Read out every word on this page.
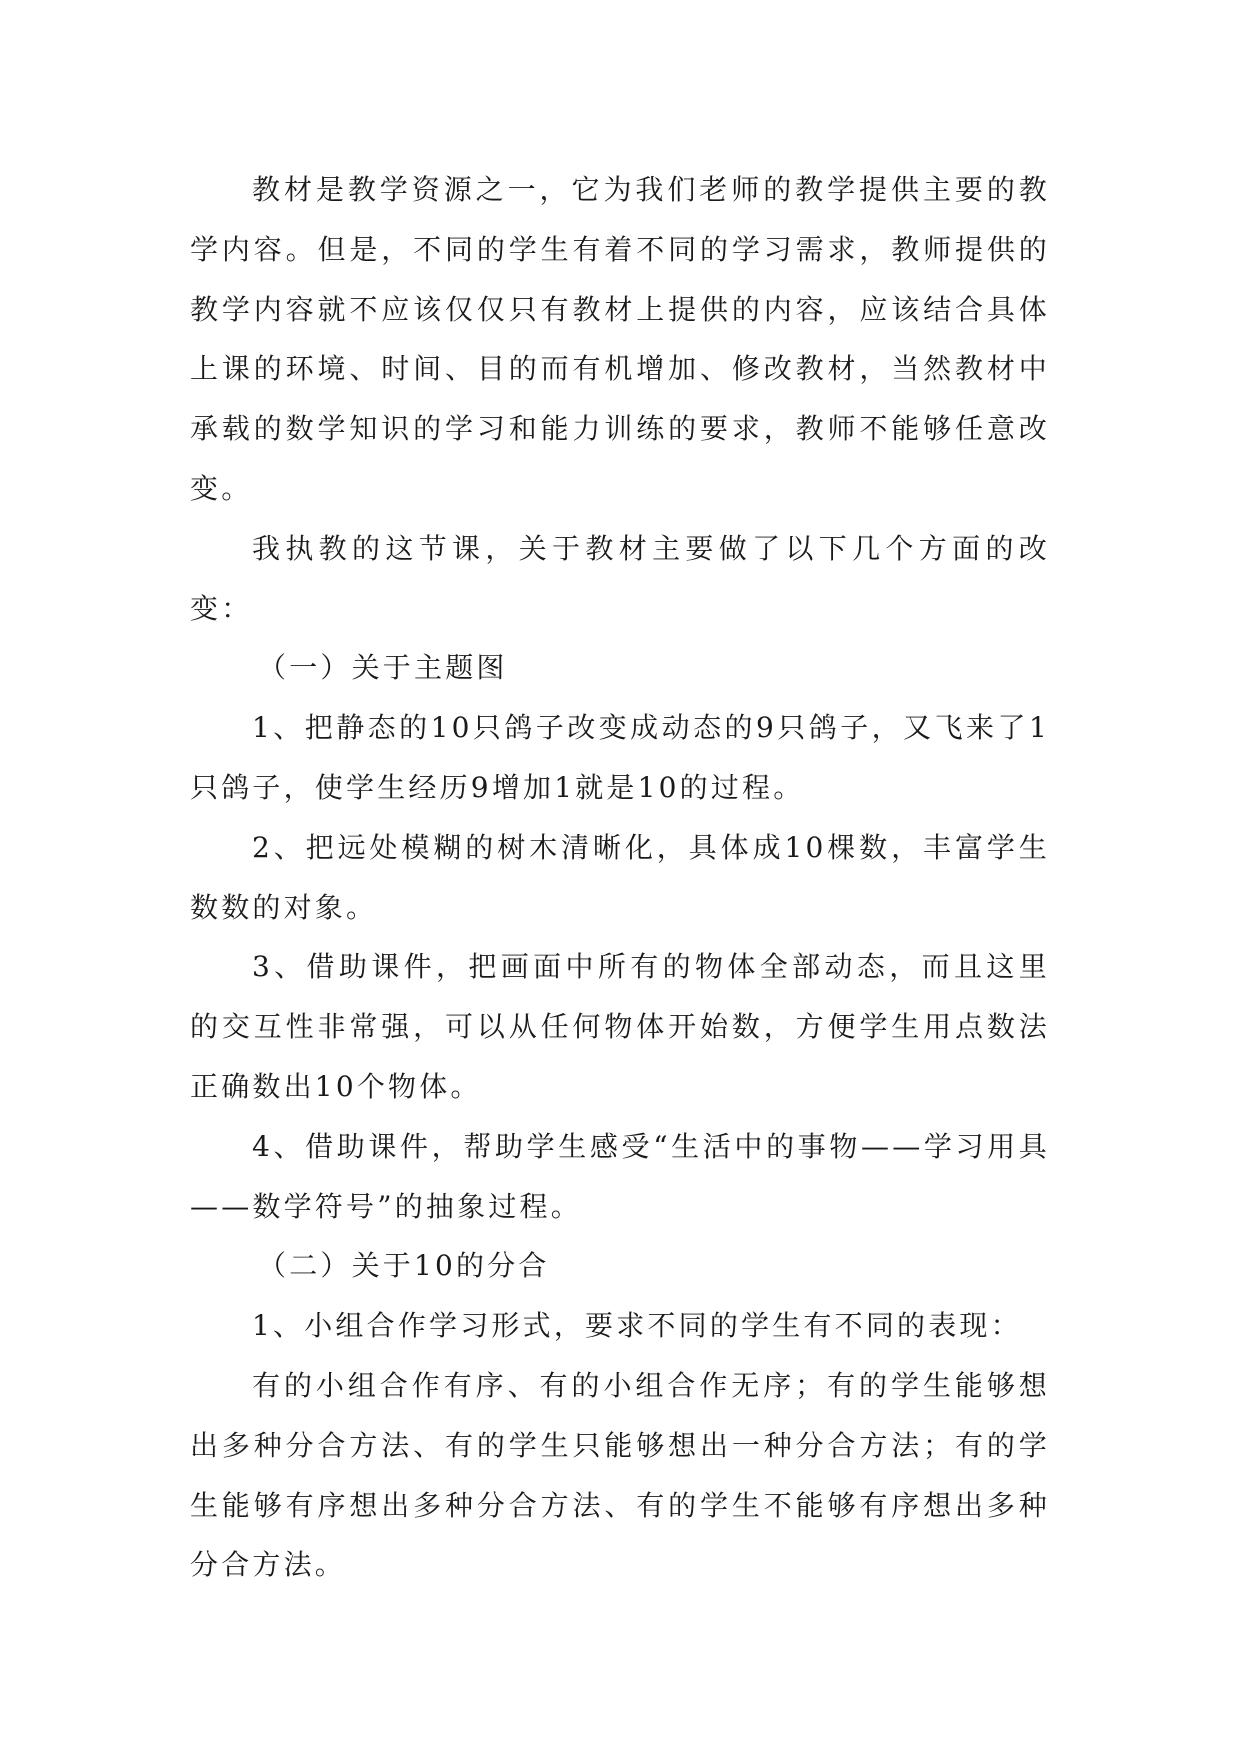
教材是教学资源之一，它为我们老师的教学提供主要的教学内容。但是，不同的学生有着不同的学习需求，教师提供的教学内容就不应该仅仅只有教材上提供的内容，应该结合具体上课的环境、时间、目的而有机增加、修改教材，当然教材中承载的数学知识的学习和能力训练的要求，教师不能够任意改变。

我执教的这节课，关于教材主要做了以下几个方面的改变：

（一）关于主题图

1、把静态的10只鸽子改变成动态的9只鸽子，又飞来了1只鸽子，使学生经历9增加1就是10的过程。

2、把远处模糊的树木清晰化，具体成10棵数，丰富学生数数的对象。

3、借助课件，把画面中所有的物体全部动态，而且这里的交互性非常强，可以从任何物体开始数，方便学生用点数法正确数出10个物体。

4、借助课件，帮助学生感受“生活中的事物——学习用具——数学符号”的抽象过程。

（二）关于10的分合

1、小组合作学习形式，要求不同的学生有不同的表现：

有的小组合作有序、有的小组合作无序；有的学生能够想出多种分合方法、有的学生只能够想出一种分合方法；有的学生能够有序想出多种分合方法、有的学生不能够有序想出多种分合方法。
